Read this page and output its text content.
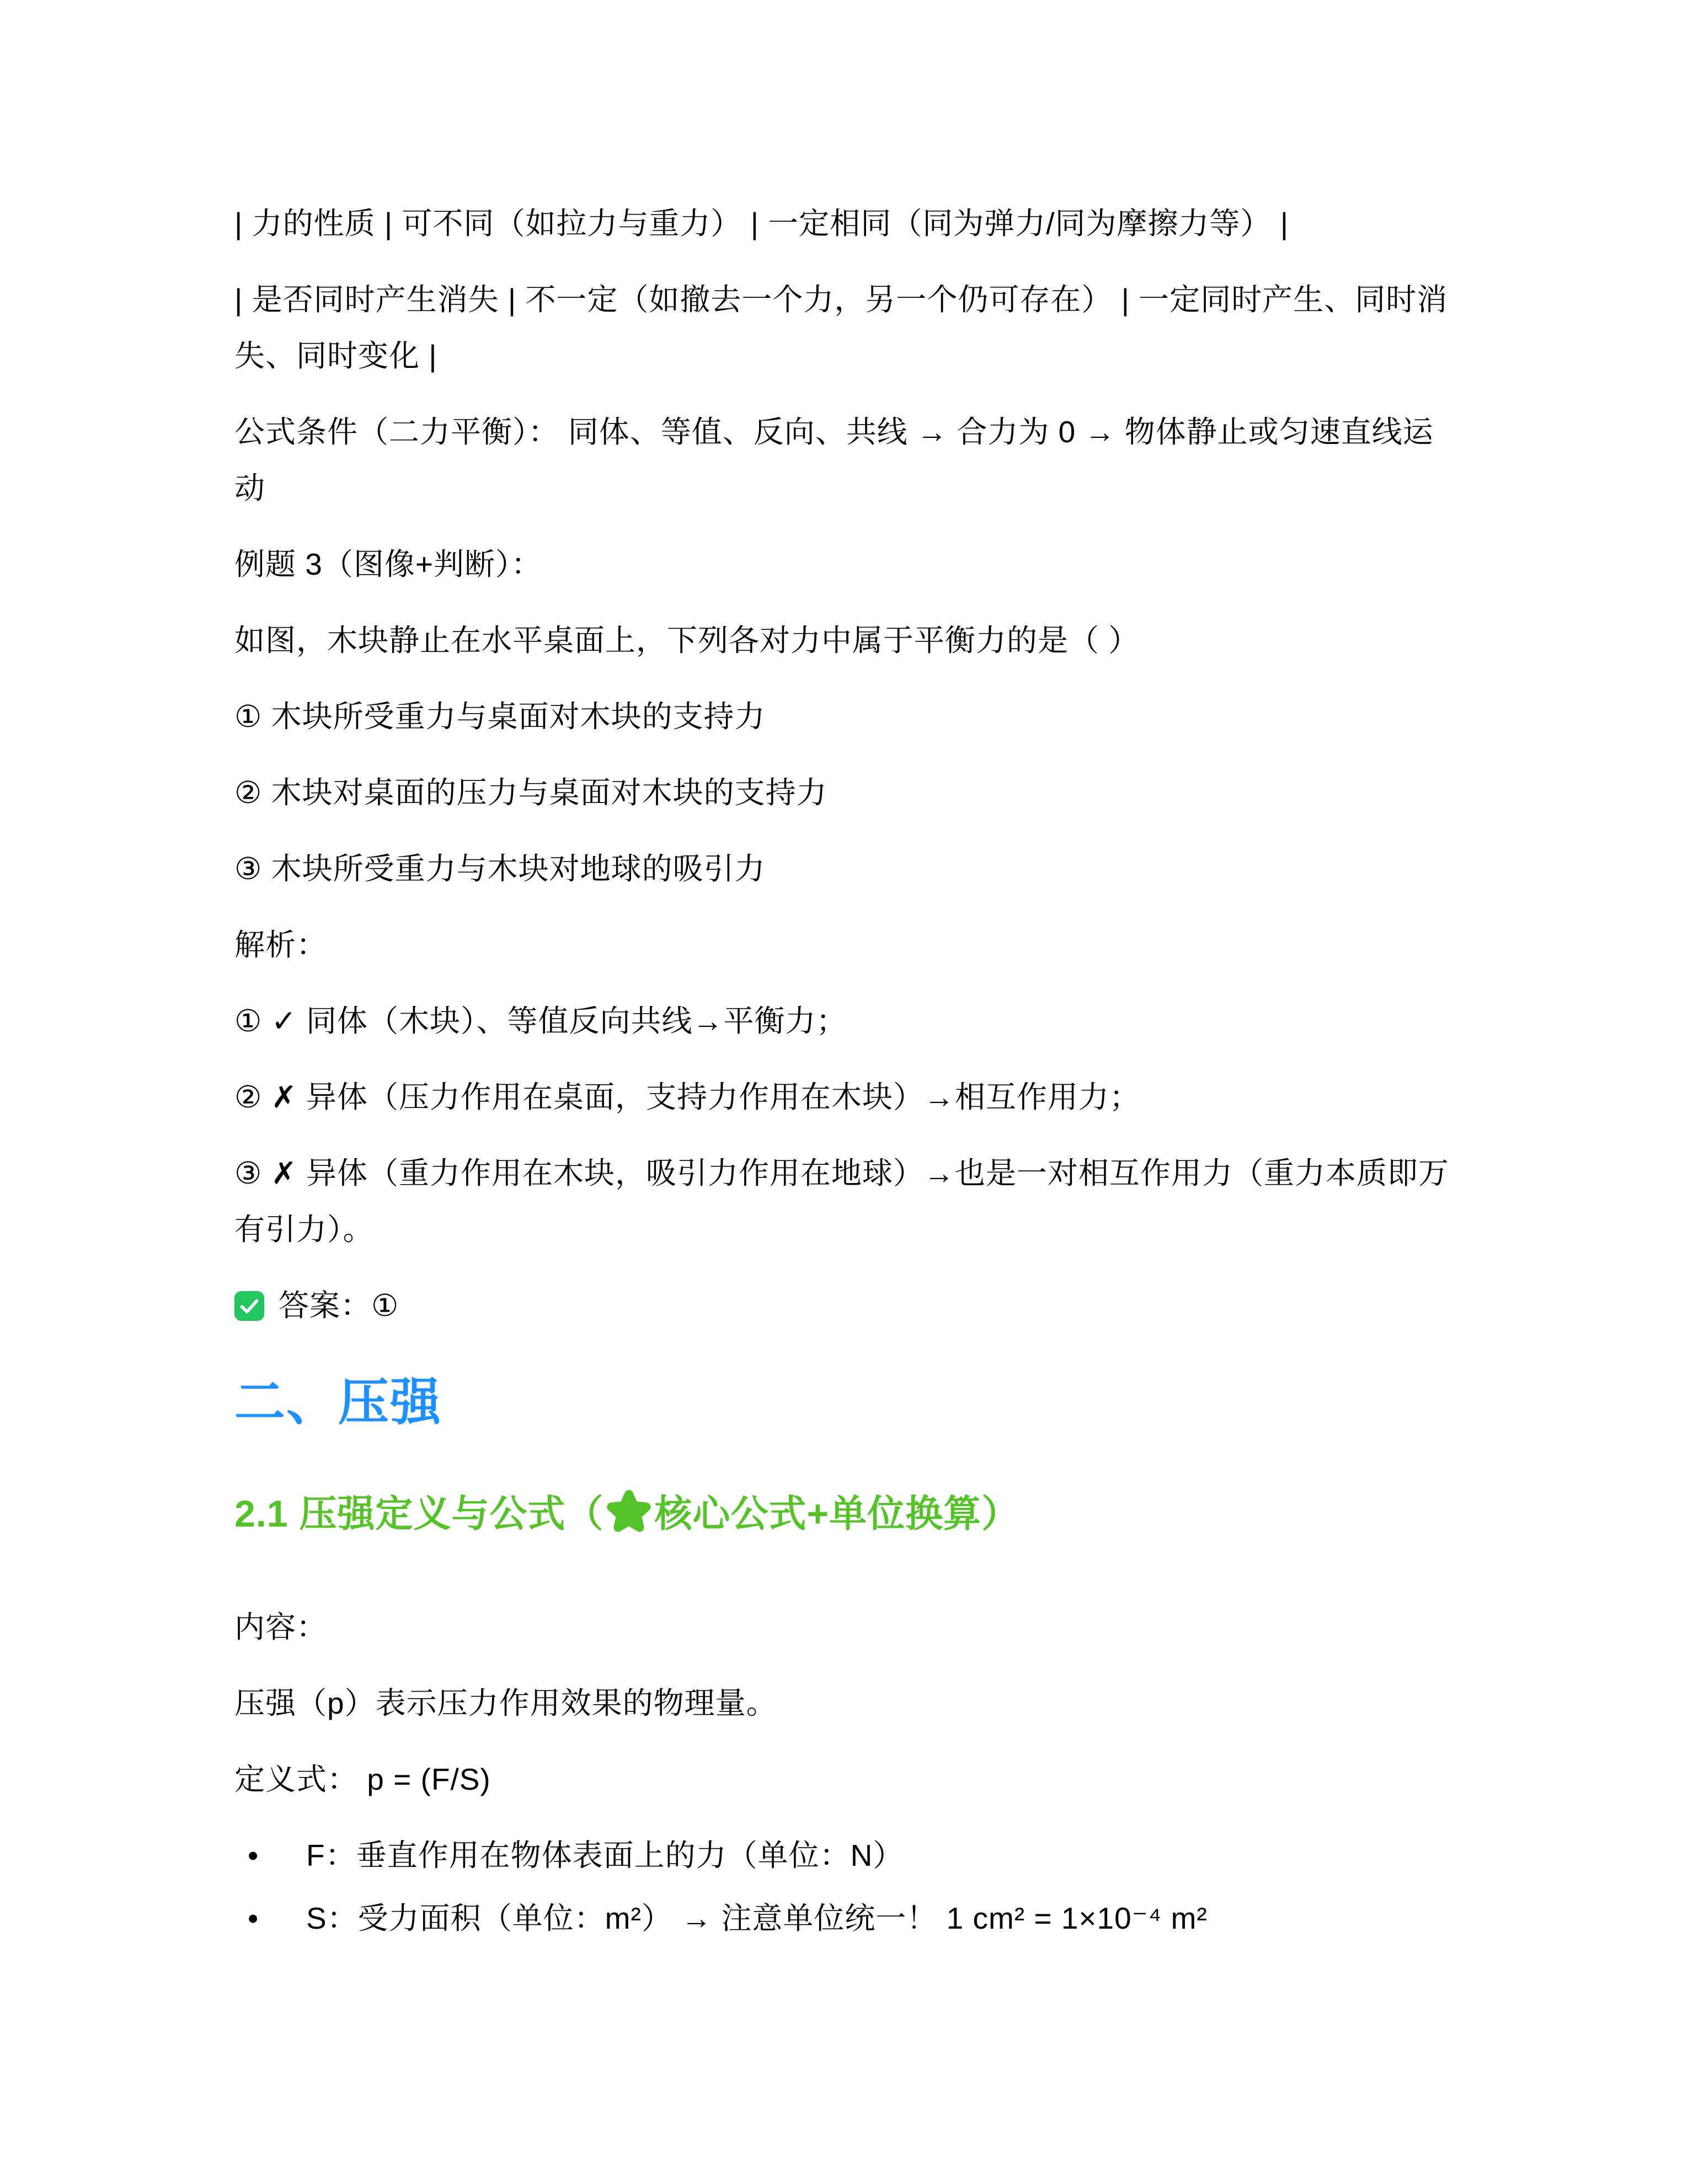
| 力的性质 | 可不同（如拉力与重力） | 一定相同（同为弹力/同为摩擦力等） |

| 是否同时产生消失 | 不一定（如撤去一个力，另一个仍可存在） | 一定同时产生、同时消失、同时变化 |

公式条件（二力平衡）： 同体、等值、反向、共线 → 合力为 0 → 物体静止或匀速直线运动

例题 3（图像+判断）：

如图，木块静止在水平桌面上，下列各对力中属于平衡力的是（ ）

① 木块所受重力与桌面对木块的支持力

② 木块对桌面的压力与桌面对木块的支持力

③ 木块所受重力与木块对地球的吸引力

解析：

① ✓ 同体（木块）、等值反向共线→平衡力；

② ✗ 异体（压力作用在桌面，支持力作用在木块）→相互作用力；

③ ✗ 异体（重力作用在木块，吸引力作用在地球）→也是一对相互作用力（重力本质即万有引力）。

答案：①

二、压强
2.1 压强定义与公式（ 核心公式+单位换算）

内容：

压强（p）表示压力作用效果的物理量。

定义式： p = (F/S)

• F：垂直作用在物体表面上的力（单位：N）
• S：受力面积（单位：m²） → 注意单位统一！ 1 cm² = 1×10⁻⁴ m²
